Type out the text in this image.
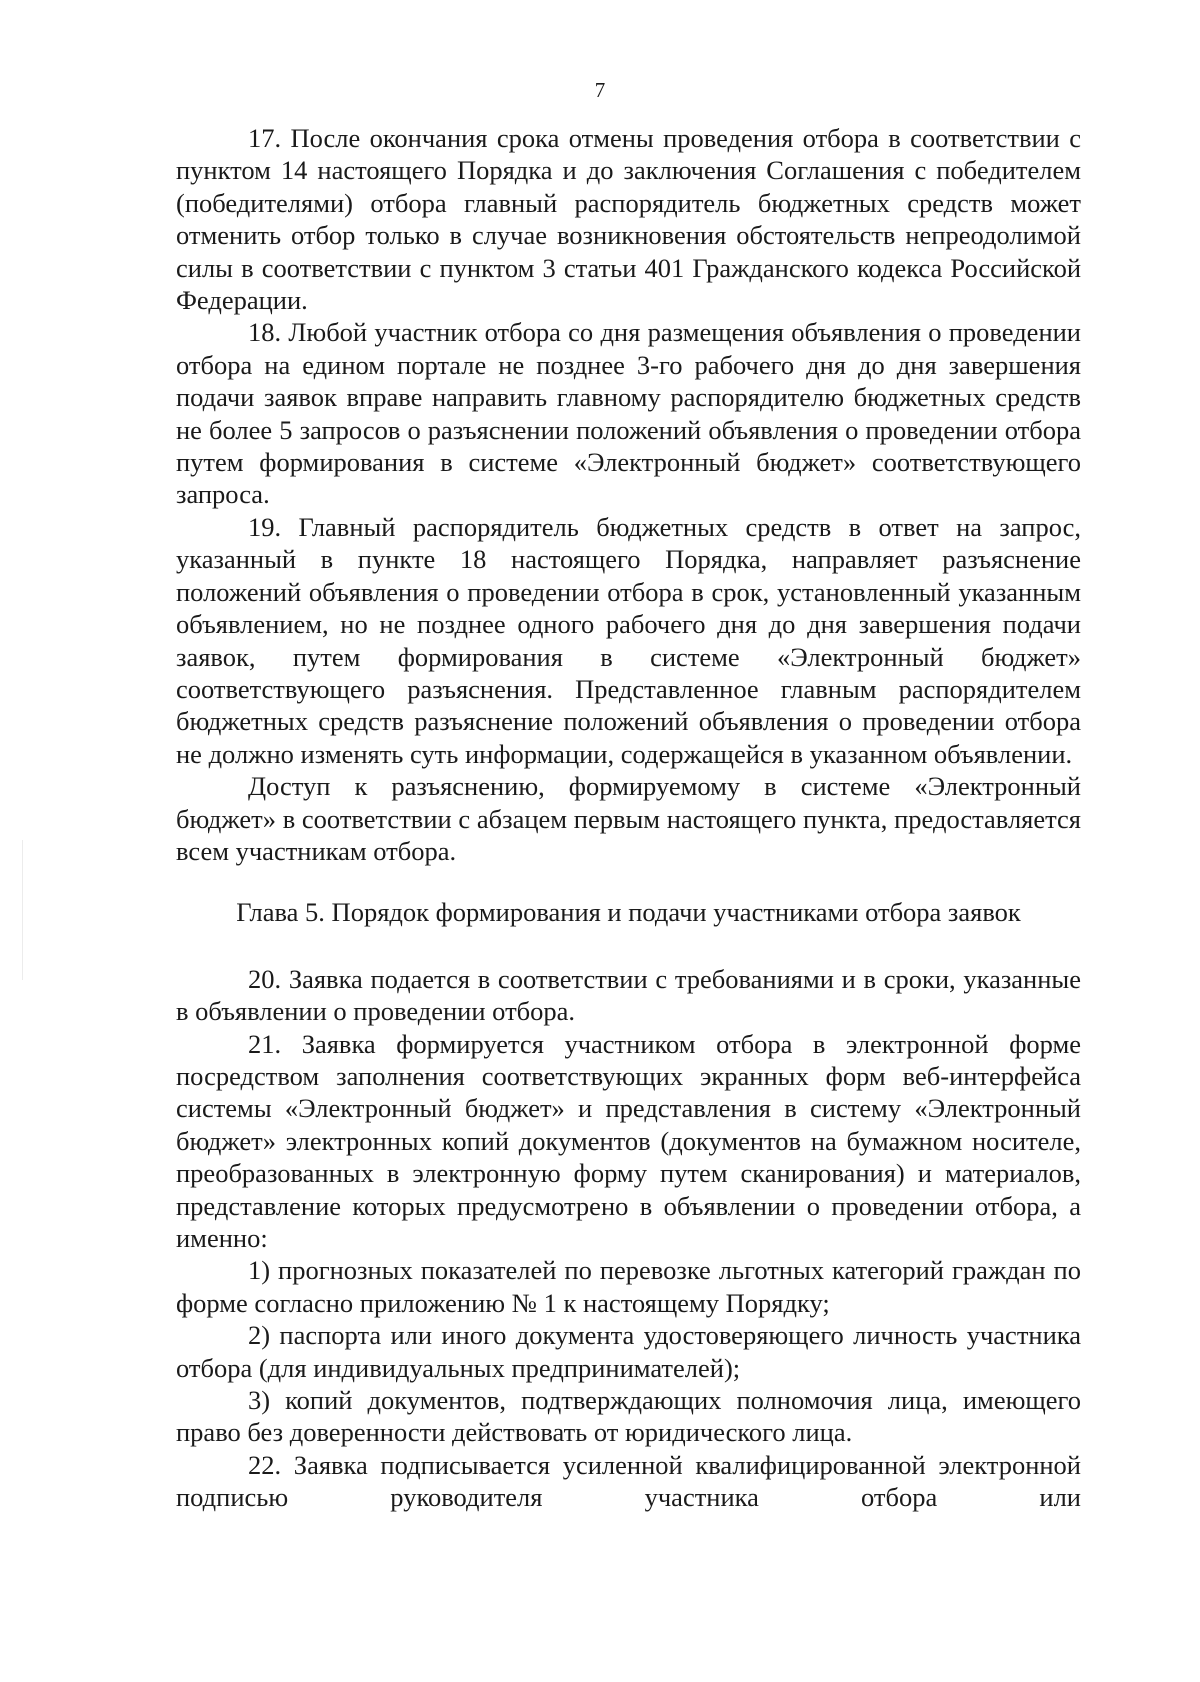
7

17. После окончания срока отмены проведения отбора в соответствии с пунктом 14 настоящего Порядка и до заключения Соглашения с победителем (победителями) отбора главный распорядитель бюджетных средств может отменить отбор только в случае возникновения обстоятельств непреодолимой силы в соответствии с пунктом 3 статьи 401 Гражданского кодекса Российской Федерации.

18. Любой участник отбора со дня размещения объявления о проведении отбора на едином портале не позднее 3-го рабочего дня до дня завершения подачи заявок вправе направить главному распорядителю бюджетных средств не более 5 запросов о разъяснении положений объявления о проведении отбора путем формирования в системе «Электронный бюджет» соответствующего запроса.

19. Главный распорядитель бюджетных средств в ответ на запрос, указанный в пункте 18 настоящего Порядка, направляет разъяснение положений объявления о проведении отбора в срок, установленный указанным объявлением, но не позднее одного рабочего дня до дня завершения подачи заявок, путем формирования в системе «Электронный бюджет» соответствующего разъяснения. Представленное главным распорядителем бюджетных средств разъяснение положений объявления о проведении отбора не должно изменять суть информации, содержащейся в указанном объявлении.

Доступ к разъяснению, формируемому в системе «Электронный бюджет» в соответствии с абзацем первым настоящего пункта, предоставляется всем участникам отбора.

Глава 5. Порядок формирования и подачи участниками отбора заявок

20. Заявка подается в соответствии с требованиями и в сроки, указанные в объявлении о проведении отбора.

21. Заявка формируется участником отбора в электронной форме посредством заполнения соответствующих экранных форм веб-интерфейса системы «Электронный бюджет» и представления в систему «Электронный бюджет» электронных копий документов (документов на бумажном носителе, преобразованных в электронную форму путем сканирования) и материалов, представление которых предусмотрено в объявлении о проведении отбора, а именно:

1) прогнозных показателей по перевозке льготных категорий граждан по форме согласно приложению № 1 к настоящему Порядку;

2) паспорта или иного документа удостоверяющего личность участника отбора (для индивидуальных предпринимателей);

3) копий документов, подтверждающих полномочия лица, имеющего право без доверенности действовать от юридического лица.

22. Заявка подписывается усиленной квалифицированной электронной подписью руководителя участника отбора или
